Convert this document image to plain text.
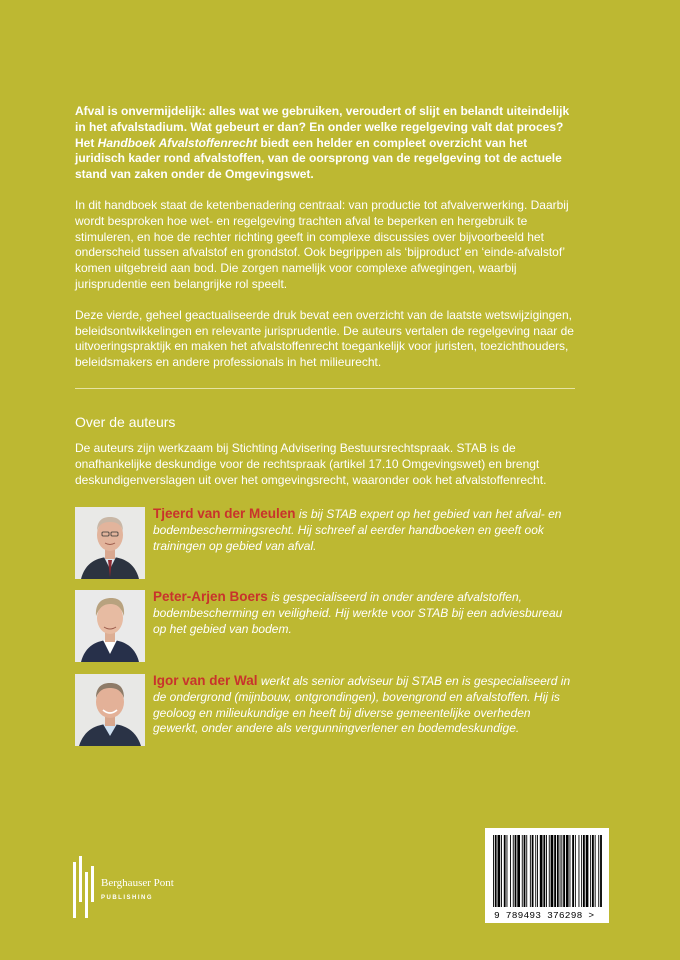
Afval is onvermijdelijk: alles wat we gebruiken, veroudert of slijt en belandt uiteindelijk in het afvalstadium. Wat gebeurt er dan? En onder welke regelgeving valt dat proces? Het Handboek Afvalstoffenrecht biedt een helder en compleet overzicht van het juridisch kader rond afvalstoffen, van de oorsprong van de regelgeving tot de actuele stand van zaken onder de Omgevingswet.

In dit handboek staat de ketenbenadering centraal: van productie tot afvalverwerking. Daarbij wordt besproken hoe wet- en regelgeving trachten afval te beperken en hergebruik te stimuleren, en hoe de rechter richting geeft in complexe discussies over bijvoorbeeld het onderscheid tussen afvalstof en grondstof. Ook begrippen als ‘bijproduct’ en ‘einde-afvalstof’ komen uitgebreid aan bod. Die zorgen namelijk voor complexe afwegingen, waarbij jurisprudentie een belangrijke rol speelt.

Deze vierde, geheel geactualiseerde druk bevat een overzicht van de laatste wetswijzigingen, beleidsontwikkelingen en relevante jurisprudentie. De auteurs vertalen de regelgeving naar de uitvoeringspraktijk en maken het afvalstoffenrecht toegankelijk voor juristen, toezichthouders, beleidsmakers en andere professionals in het milieurecht.

Over de auteurs

De auteurs zijn werkzaam bij Stichting Advisering Bestuursrechtspraak. STAB is de onafhankelijke deskundige voor de rechtspraak (artikel 17.10 Omgevingswet) en brengt deskundigenverslagen uit over het omgevingsrecht, waaronder ook het afvalstoffenrecht.

Tjeerd van der Meulen is bij STAB expert op het gebied van het afval- en bodembeschermingsrecht. Hij schreef al eerder handboeken en geeft ook trainingen op gebied van afval.

Peter-Arjen Boers is gespecialiseerd in onder andere afvalstoffen, bodembescherming en veiligheid. Hij werkte voor STAB bij een adviesbureau op het gebied van bodem.

Igor van der Wal werkt als senior adviseur bij STAB en is gespecialiseerd in de ondergrond (mijnbouw, ontgrondingen), bovengrond en afvalstoffen. Hij is geoloog en milieukundige en heeft bij diverse gemeentelijke overheden gewerkt, onder andere als vergunningverlener en bodemdeskundige.

Berghauser Pont
PUBLISHING
9 789493 376298 >
